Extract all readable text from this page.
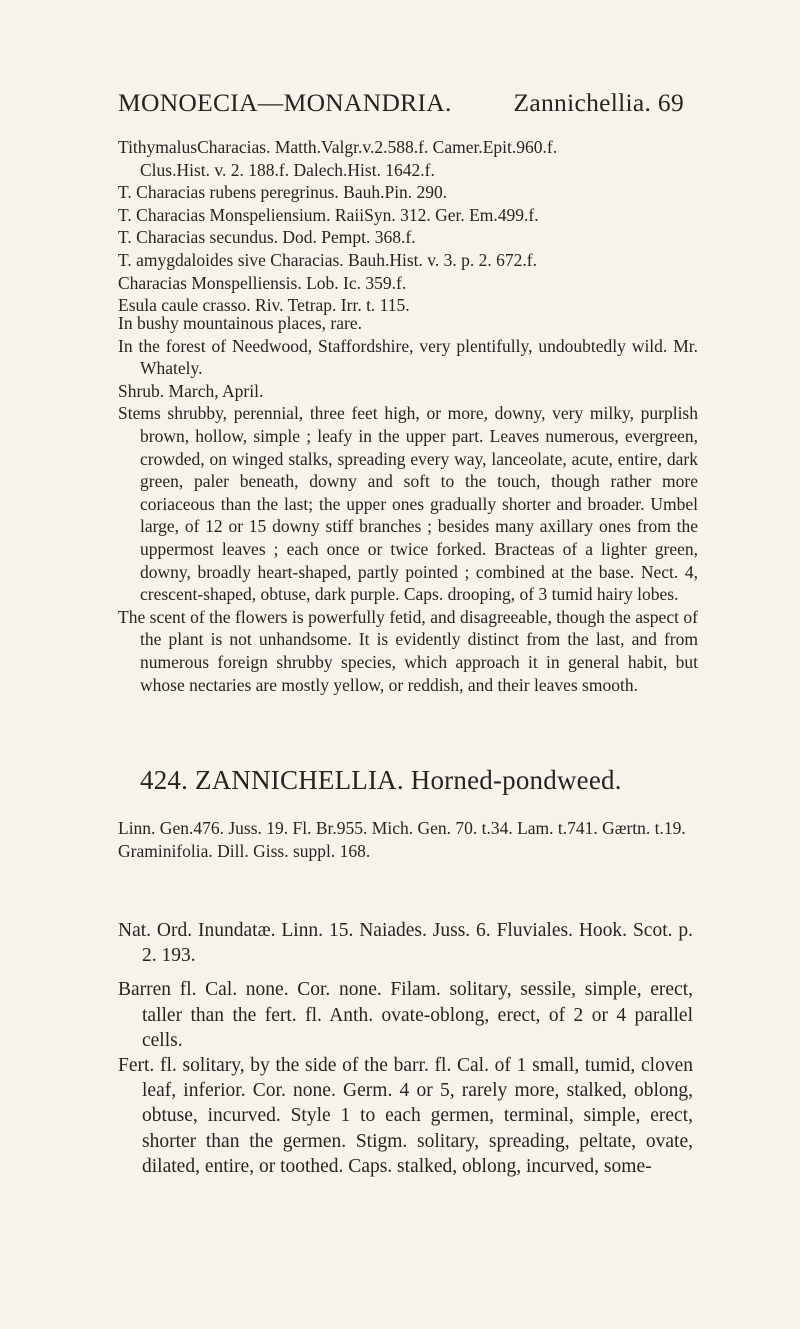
MONOECIA—MONANDRIA. Zannichellia. 69
TithymalusCharacias. Matth.Valgr.v.2.588.f. Camer.Epit.960.f.
Clus.Hist. v. 2. 188.f. Dalech.Hist. 1642.f.
T. Characias rubens peregrinus. Bauh.Pin. 290.
T. Characias Monspeliensium. RaiiSyn. 312. Ger. Em.499.f.
T. Characias secundus. Dod. Pempt. 368.f.
T. amygdaloides sive Characias. Bauh.Hist. v. 3. p. 2. 672.f.
Characias Monspelliensis. Lob. Ic. 359.f.
Esula caule crasso. Riv. Tetrap. Irr. t. 115.

In bushy mountainous places, rare.

In the forest of Needwood, Staffordshire, very plentifully, undoubtedly wild. Mr. Whately.

Shrub. March, April.

Stems shrubby, perennial, three feet high, or more, downy, very milky, purplish brown, hollow, simple ; leafy in the upper part. Leaves numerous, evergreen, crowded, on winged stalks, spreading every way, lanceolate, acute, entire, dark green, paler beneath, downy and soft to the touch, though rather more coriaceous than the last; the upper ones gradually shorter and broader. Umbel large, of 12 or 15 downy stiff branches ; besides many axillary ones from the uppermost leaves ; each once or twice forked. Bracteas of a lighter green, downy, broadly heart-shaped, partly pointed ; combined at the base. Nect. 4, crescent-shaped, obtuse, dark purple. Caps. drooping, of 3 tumid hairy lobes.

The scent of the flowers is powerfully fetid, and disagreeable, though the aspect of the plant is not unhandsome. It is evidently distinct from the last, and from numerous foreign shrubby species, which approach it in general habit, but whose nectaries are mostly yellow, or reddish, and their leaves smooth.

424. ZANNICHELLIA. Horned-pondweed.

Linn. Gen.476. Juss. 19. Fl. Br.955. Mich. Gen. 70. t.34. Lam. t.741. Gærtn. t.19.

Graminifolia. Dill. Giss. suppl. 168.

Nat. Ord. Inundatæ. Linn. 15. Naiades. Juss. 6. Fluviales. Hook. Scot. p. 2. 193.

Barren fl. Cal. none. Cor. none. Filam. solitary, sessile, simple, erect, taller than the fert. fl. Anth. ovate-oblong, erect, of 2 or 4 parallel cells.

Fert. fl. solitary, by the side of the barr. fl. Cal. of 1 small, tumid, cloven leaf, inferior. Cor. none. Germ. 4 or 5, rarely more, stalked, oblong, obtuse, incurved. Style 1 to each germen, terminal, simple, erect, shorter than the germen. Stigm. solitary, spreading, peltate, ovate, dilated, entire, or toothed. Caps. stalked, oblong, incurved, some-
